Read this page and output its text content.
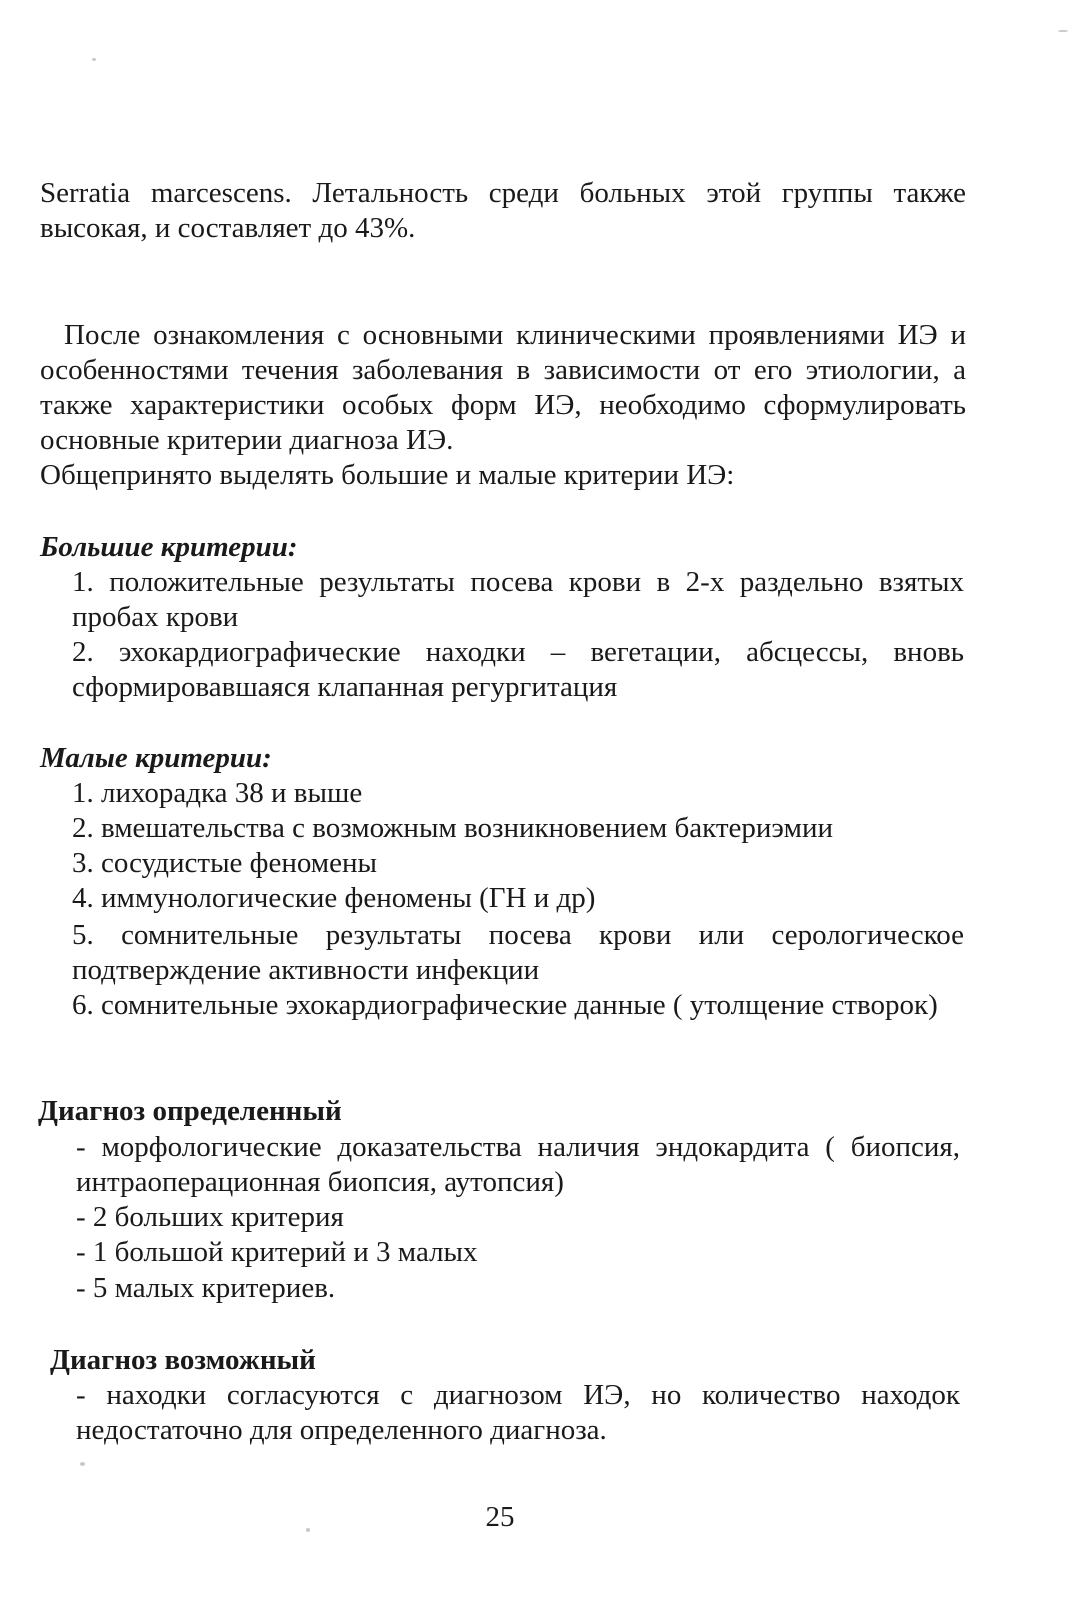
Serratia marcescens. Летальность среди больных этой группы также
высокая, и составляет до 43%.
После ознакомления с основными клиническими проявлениями ИЭ и особенностями течения заболевания в зависимости от его этиологии, а также характеристики особых форм ИЭ, необходимо сформулировать основные критерии диагноза ИЭ.
Общепринято выделять большие и малые критерии ИЭ:
Большие критерии:
1. положительные результаты посева крови в 2-х раздельно взятых пробах крови
2. эхокардиографические находки – вегетации, абсцессы, вновь сформировавшаяся клапанная регургитация
Малые критерии:
1. лихорадка 38 и выше
2. вмешательства с возможным возникновением бактериэмии
3. сосудистые феномены
4. иммунологические феномены (ГН и др)
5. сомнительные результаты посева крови или серологическое подтверждение активности инфекции
6. сомнительные эхокардиографические данные ( утолщение створок)
Диагноз определенный
- морфологические доказательства наличия эндокардита ( биопсия, интраоперационная биопсия, аутопсия)
- 2 больших критерия
- 1 большой критерий и 3 малых
- 5 малых критериев.
Диагноз возможный
- находки согласуются с диагнозом ИЭ, но количество находок недостаточно для определенного диагноза.
25
